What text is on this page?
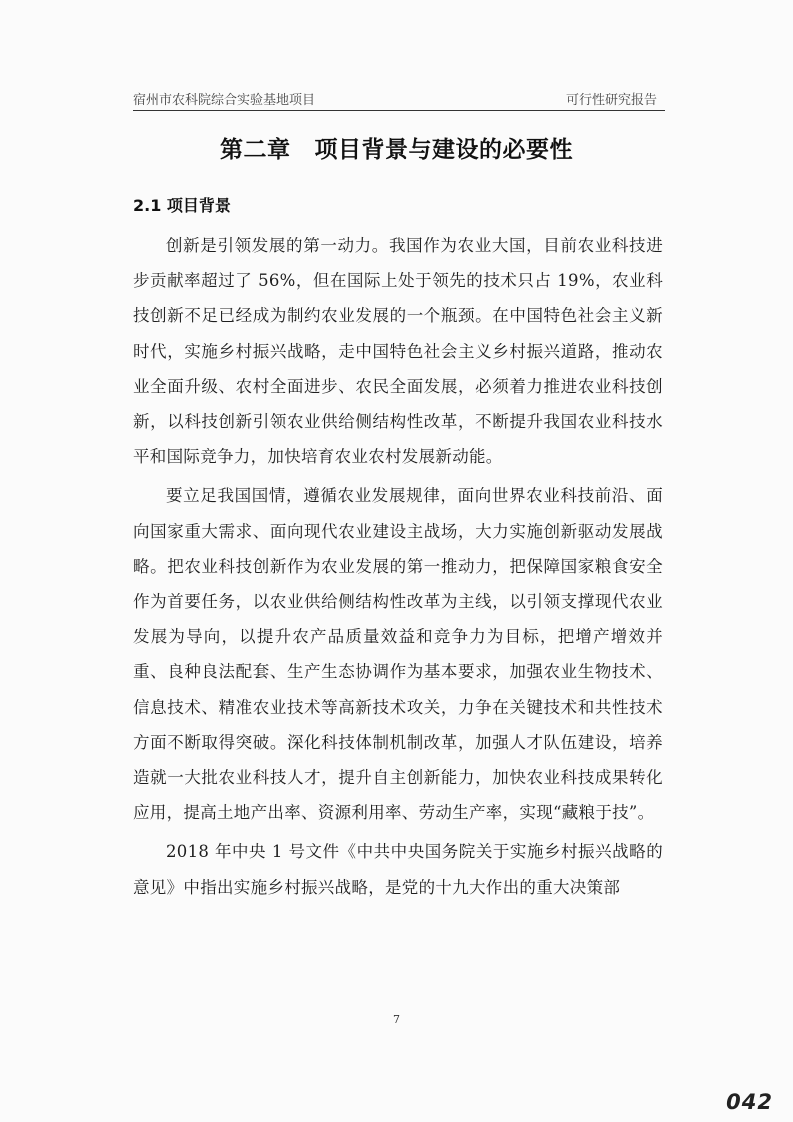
宿州市农科院综合实验基地项目	可行性研究报告
第二章 项目背景与建设的必要性
2.1 项目背景

创新是引领发展的第一动力。我国作为农业大国，目前农业科技进步贡献率超过了 56%，但在国际上处于领先的技术只占 19%，农业科技创新不足已经成为制约农业发展的一个瓶颈。在中国特色社会主义新时代，实施乡村振兴战略，走中国特色社会主义乡村振兴道路，推动农业全面升级、农村全面进步、农民全面发展，必须着力推进农业科技创新，以科技创新引领农业供给侧结构性改革，不断提升我国农业科技水平和国际竞争力，加快培育农业农村发展新动能。

要立足我国国情，遵循农业发展规律，面向世界农业科技前沿、面向国家重大需求、面向现代农业建设主战场，大力实施创新驱动发展战略。把农业科技创新作为农业发展的第一推动力，把保障国家粮食安全作为首要任务，以农业供给侧结构性改革为主线，以引领支撑现代农业发展为导向，以提升农产品质量效益和竞争力为目标，把增产增效并重、良种良法配套、生产生态协调作为基本要求，加强农业生物技术、信息技术、精准农业技术等高新技术攻关，力争在关键技术和共性技术方面不断取得突破。深化科技体制机制改革，加强人才队伍建设，培养造就一大批农业科技人才，提升自主创新能力，加快农业科技成果转化应用，提高土地产出率、资源利用率、劳动生产率，实现“藏粮于技”。

2018 年中央 1 号文件《中共中央国务院关于实施乡村振兴战略的意见》中指出实施乡村振兴战略，是党的十九大作出的重大决策部

7
042
